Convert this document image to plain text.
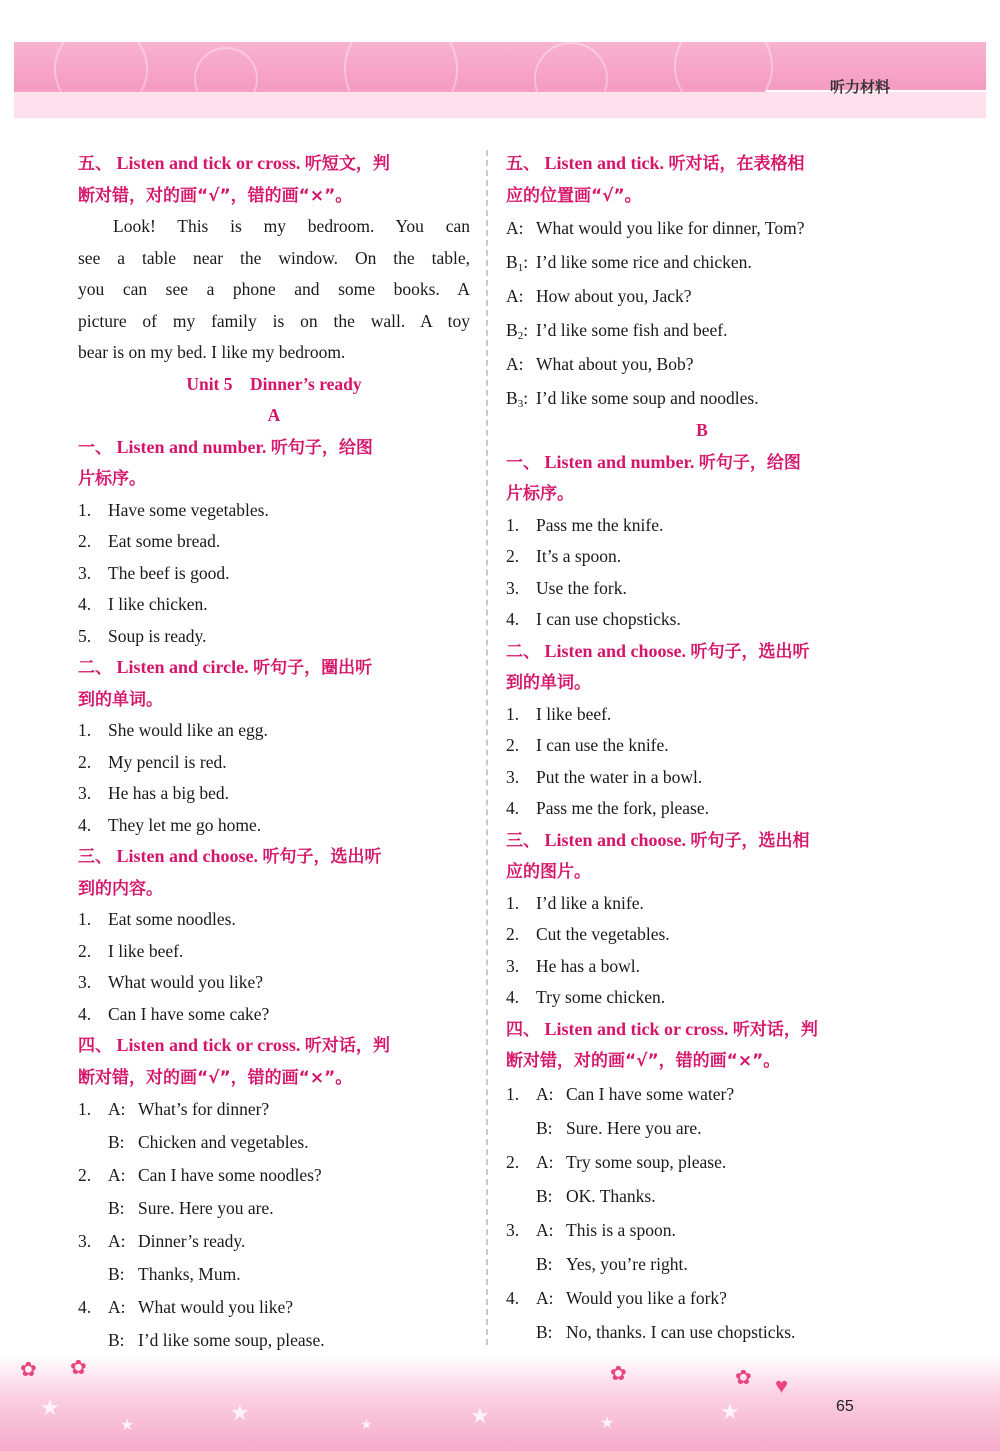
听力材料
五、 Listen and tick or cross. 听短文，判
断对错，对的画“√”，错的画“×”。
Look! This is my bedroom. You can
see a table near the window. On the table,
you can see a phone and some books. A
picture of my family is on the wall. A toy
bear is on my bed. I like my bedroom.
Unit 5　Dinner’s ready
A
一、 Listen and number. 听句子，给图
片标序。
1. Have some vegetables.
2. Eat some bread.
3. The beef is good.
4. I like chicken.
5. Soup is ready.
二、 Listen and circle. 听句子，圈出听
到的单词。
1. She would like an egg.
2. My pencil is red.
3. He has a big bed.
4. They let me go home.
三、 Listen and choose. 听句子，选出听
到的内容。
1. Eat some noodles.
2. I like beef.
3. What would you like?
4. Can I have some cake?
四、 Listen and tick or cross. 听对话，判
断对错，对的画“√”，错的画“×”。
1. A: What’s for dinner?
B: Chicken and vegetables.
2. A: Can I have some noodles?
B: Sure. Here you are.
3. A: Dinner’s ready.
B: Thanks, Mum.
4. A: What would you like?
B: I’d like some soup, please.
五、 Listen and tick. 听对话，在表格相
应的位置画“√”。
A: What would you like for dinner, Tom?
$B_1$: I’d like some rice and chicken.
A: How about you, Jack?
$B_2$: I’d like some fish and beef.
A: What about you, Bob?
$B_3$: I’d like some soup and noodles.
B
一、 Listen and number. 听句子，给图
片标序。
1. Pass me the knife.
2. It’s a spoon.
3. Use the fork.
4. I can use chopsticks.
二、 Listen and choose. 听句子，选出听
到的单词。
1. I like beef.
2. I can use the knife.
3. Put the water in a bowl.
4. Pass me the fork, please.
三、 Listen and choose. 听句子，选出相
应的图片。
1. I’d like a knife.
2. Cut the vegetables.
3. He has a bowl.
4. Try some chicken.
四、 Listen and tick or cross. 听对话，判
断对错，对的画“√”，错的画“×”。
1. A: Can I have some water?
B: Sure. Here you are.
2. A: Try some soup, please.
B: OK. Thanks.
3. A: This is a spoon.
B: Yes, you’re right.
4. A: Would you like a fork?
B: No, thanks. I can use chopsticks.
★
★
★
★	★	★	★
✿ ✿	✿	✿ ♥
65
